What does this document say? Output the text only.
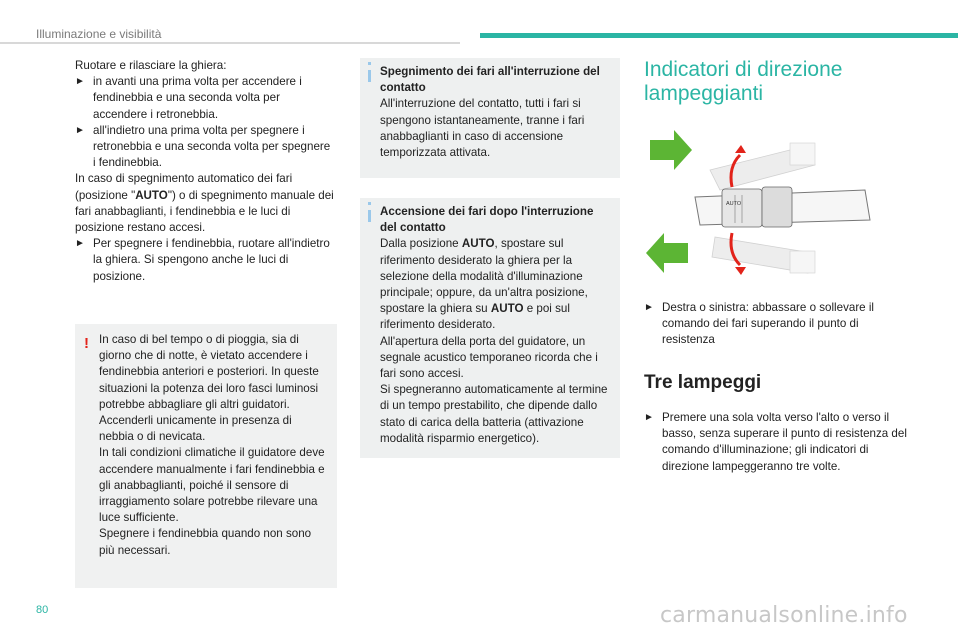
Illuminazione e visibilità

Ruotare e rilasciare la ghiera:

► in avanti una prima volta per accendere i fendinebbia e una seconda volta per accendere i retronebbia.
► all'indietro una prima volta per spegnere i retronebbia e una seconda volta per spegnere i fendinebbia.

In caso di spegnimento automatico dei fari (posizione "AUTO") o di spegnimento manuale dei fari anabbaglianti, i fendinebbia e le luci di posizione restano accesi.

► Per spegnere i fendinebbia, ruotare all'indietro la ghiera. Si spengono anche le luci di posizione.
! In caso di bel tempo o di pioggia, sia di giorno che di notte, è vietato accendere i fendinebbia anteriori e posteriori. In queste situazioni la potenza dei loro fasci luminosi potrebbe abbagliare gli altri guidatori. Accenderli unicamente in presenza di nebbia o di nevicata.

In tali condizioni climatiche il guidatore deve accendere manualmente i fari fendinebbia e gli anabbaglianti, poiché il sensore di irraggiamento solare potrebbe rilevare una luce sufficiente.

Spegnere i fendinebbia quando non sono più necessari.

Spegnimento dei fari all'interruzione del contatto

All'interruzione del contatto, tutti i fari si spengono istantaneamente, tranne i fari anabbaglianti in caso di accensione temporizzata attivata.

Accensione dei fari dopo l'interruzione del contatto

Dalla posizione AUTO, spostare sul riferimento desiderato la ghiera per la selezione della modalità d'illuminazione principale; oppure, da un'altra posizione, spostare la ghiera su AUTO e poi sul riferimento desiderato.

All'apertura della porta del guidatore, un segnale acustico temporaneo ricorda che i fari sono accesi.

Si spegneranno automaticamente al termine di un tempo prestabilito, che dipende dallo stato di carica della batteria (attivazione modalità risparmio energetico).

Indicatori di direzione lampeggianti
AUTO
► Destra o sinistra: abbassare o sollevare il comando dei fari superando il punto di resistenza
Tre lampeggi
► Premere una sola volta verso l'alto o verso il basso, senza superare il punto di resistenza del comando d'illuminazione; gli indicatori di direzione lampeggeranno tre volte.
80	carmanualsonline.info
